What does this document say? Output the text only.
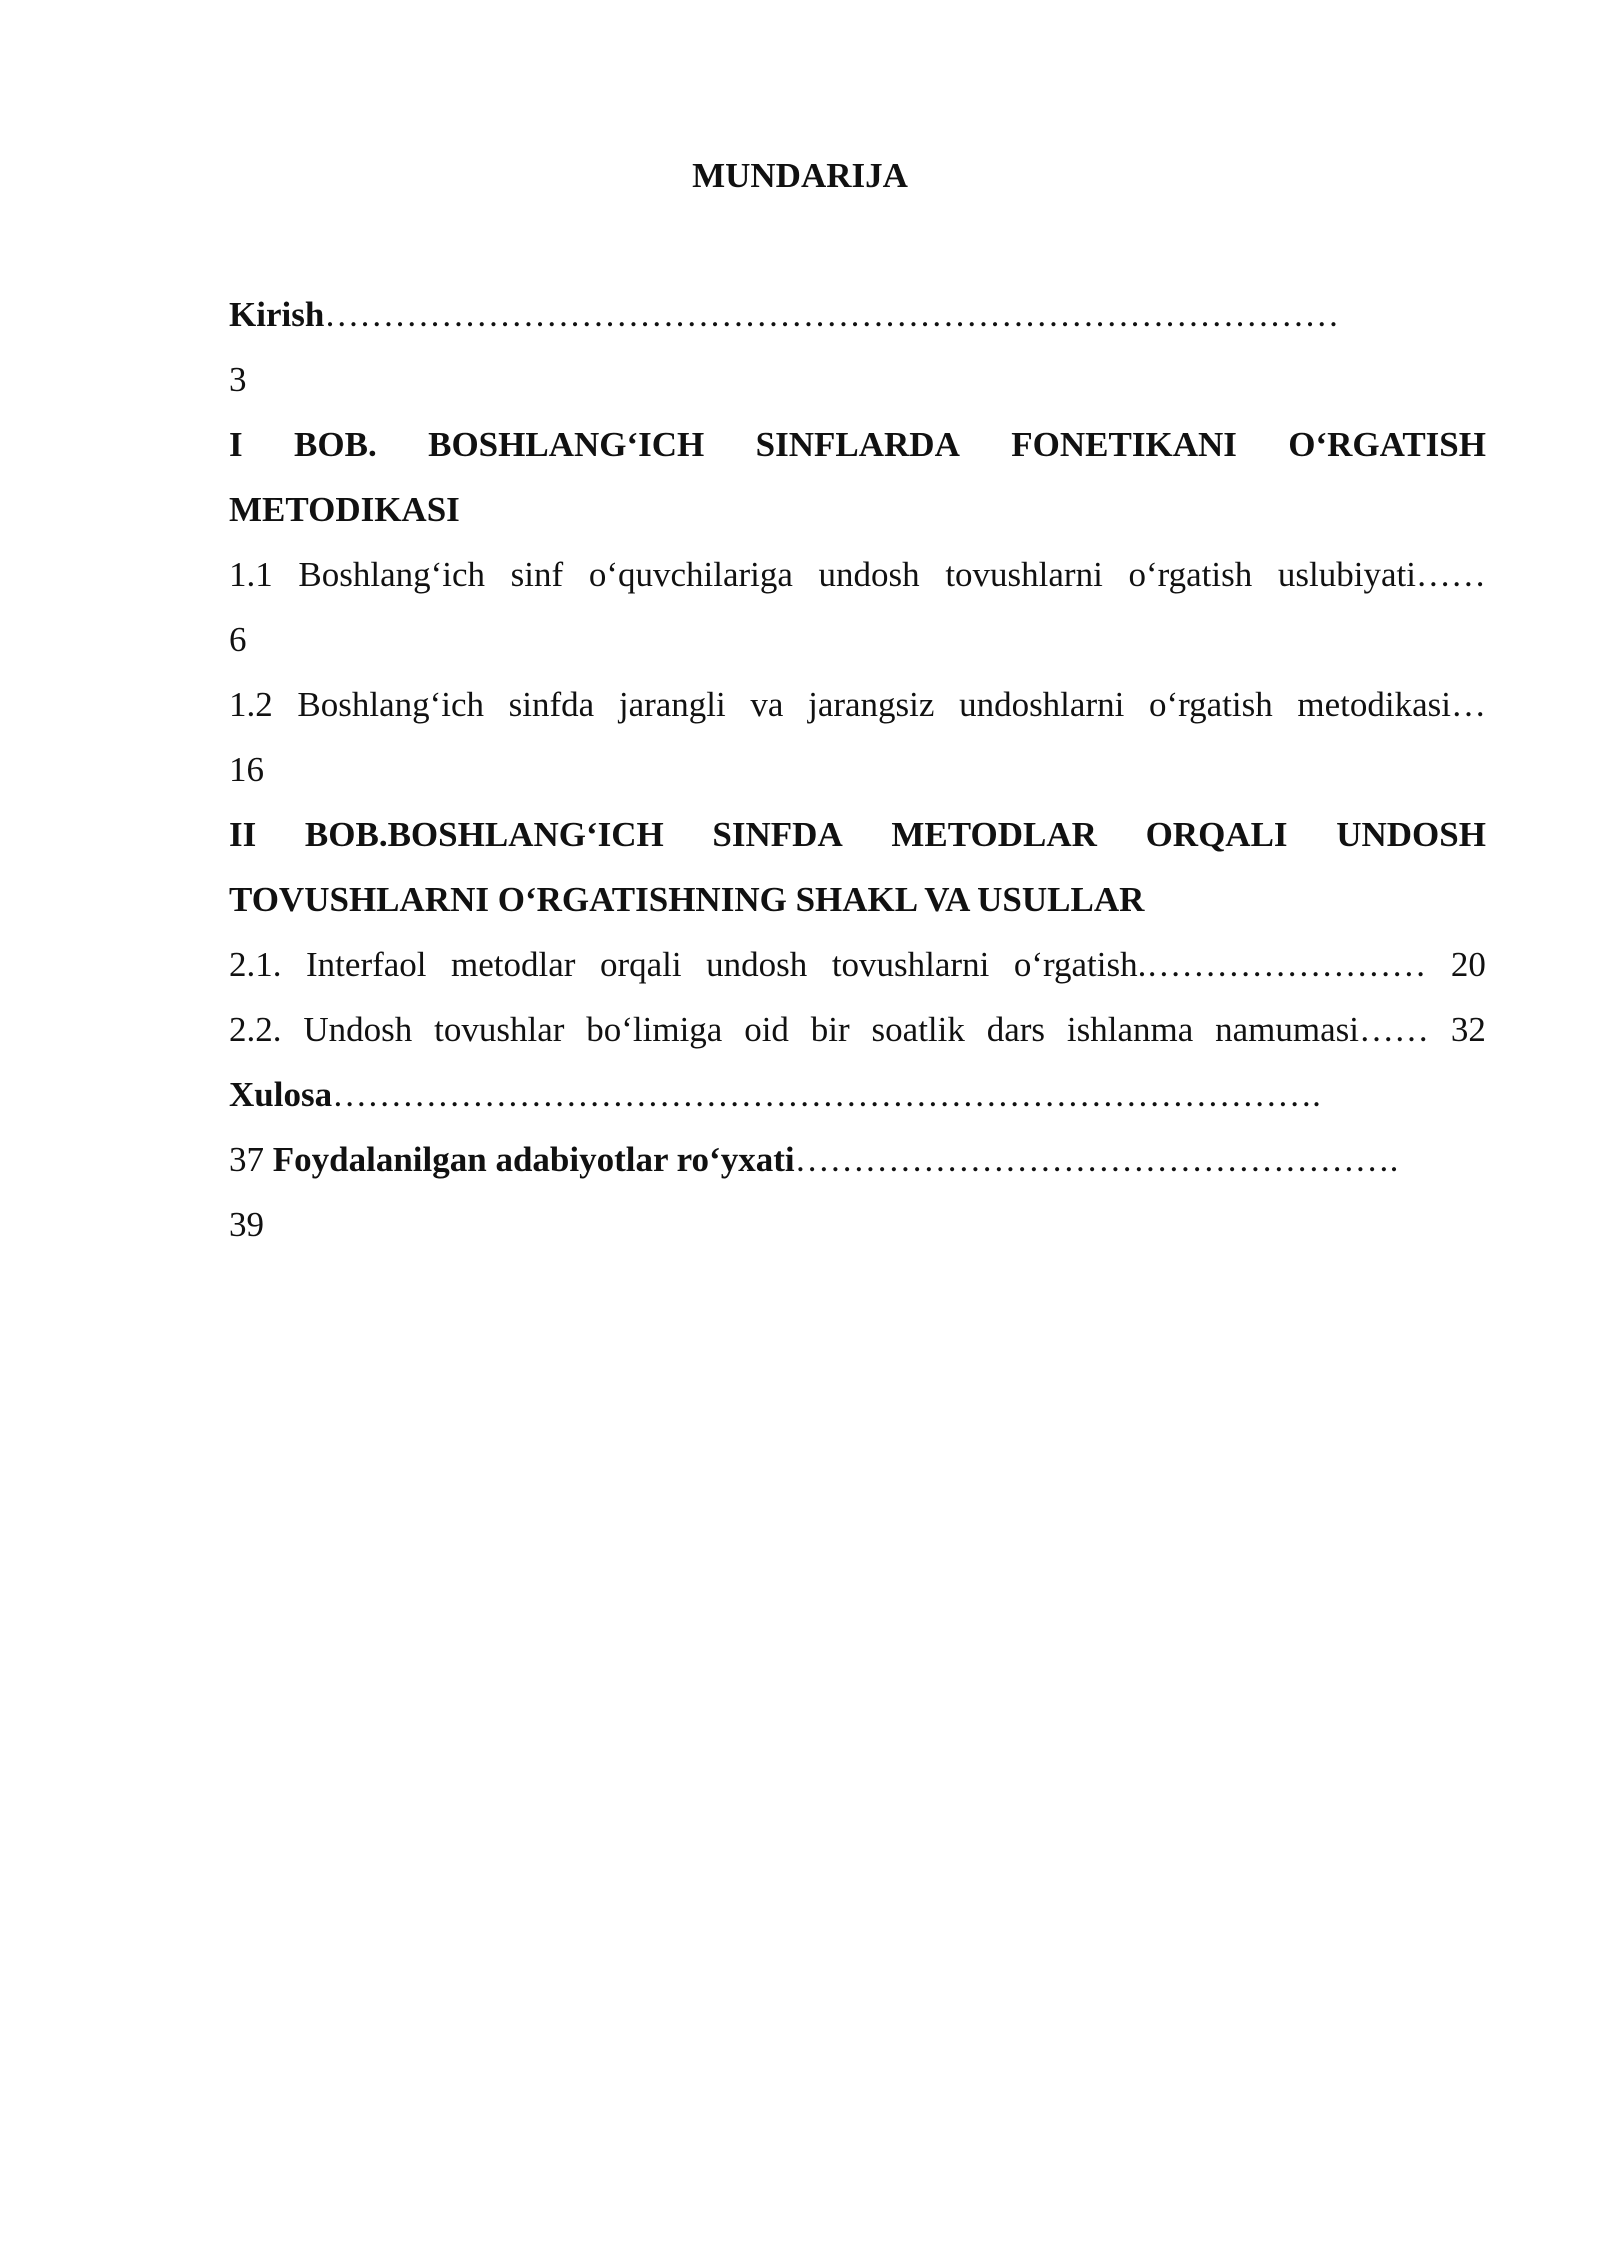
MUNDARIJA
Kirish……………………………………………………………………………
3
I BOB. BOSHLANG‘ICH SINFLARDA FONETIKANI O‘RGATISH
METODIKASI
1.1 Boshlang‘ich sinf o‘quvchilariga undosh tovushlarni o‘rgatish uslubiyati……
6
1.2 Boshlang‘ich sinfda jarangli va jarangsiz undoshlarni o‘rgatish metodikasi…
16
II BOB.BOSHLANG‘ICH SINFDA METODLAR ORQALI UNDOSH
TOVUSHLARNI O‘RGATISHNING SHAKL VA USULLAR
2.1. Interfaol metodlar orqali undosh tovushlarni o‘rgatish.…………………… 20
2.2. Undosh tovushlar bo‘limiga oid bir soatlik dars ishlanma namumasi…… 32
Xulosa………………………………………………………………………….
37 Foydalanilgan adabiyotlar ro‘yxati…………………………………………….
39
